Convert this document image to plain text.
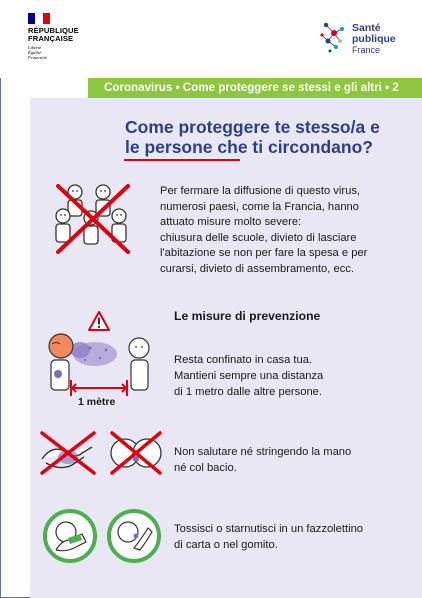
RÉPUBLIQUE
FRANÇAISE
Liberté
Égalité
Fraternité
Santé
publique
France
Coronavirus • Come proteggere se stessi e gli altri • 2
Come proteggere te stesso/a e
le persone che ti circondano?
Per fermare la diffusione di questo virus,
numerosi paesi, come la Francia, hanno
attuato misure molto severe:
chiusura delle scuole, divieto di lasciare
l'abitazione se non per fare la spesa e per
curarsi, divieto di assembramento, ecc.
1 mètre
Le misure di prevenzione
Resta confinato in casa tua.
Mantieni sempre una distanza
di 1 metro dalle altre persone.
Non salutare né stringendo la mano
né col bacio.
Tossisci o starnutisci in un fazzolettino
di carta o nel gomito.
